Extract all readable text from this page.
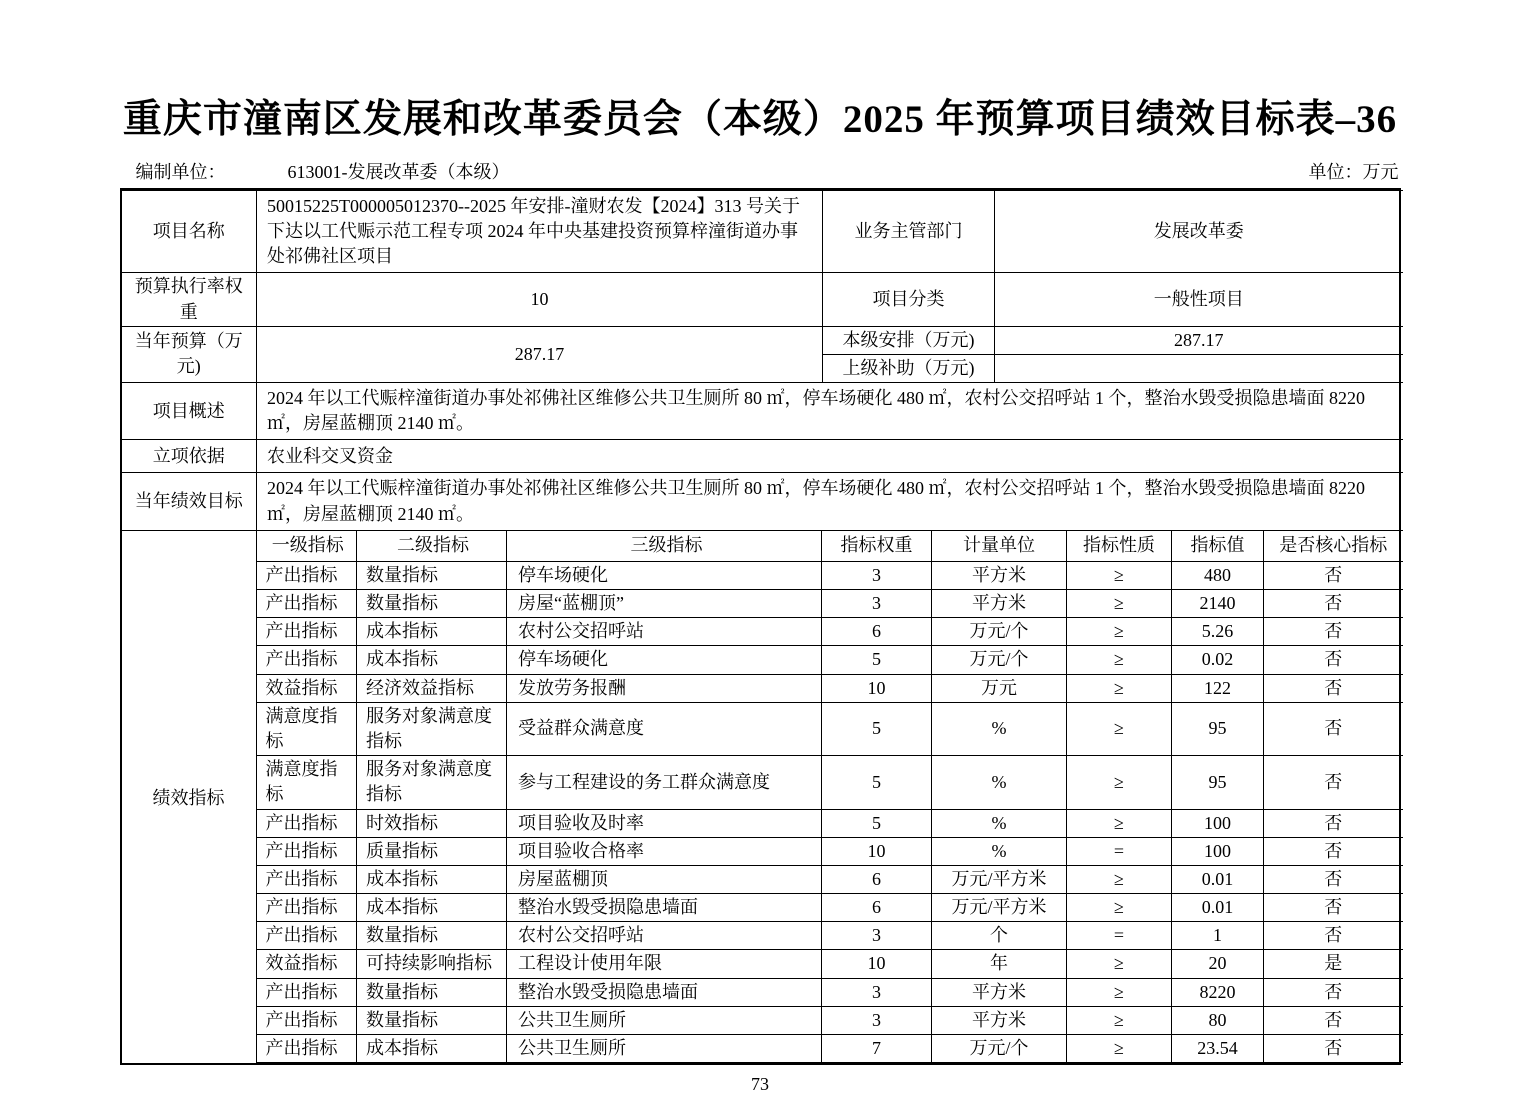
重庆市潼南区发展和改革委员会（本级）2025 年预算项目绩效目标表–36
编制单位：	613001-发展改革委（本级）	单位：万元
项目名称	50015225T000005012370--2025 年安排-潼财农发【2024】313 号关于下达以工代赈示范工程专项 2024 年中央基建投资预算梓潼街道办事处祁佛社区项目	业务主管部门	发展改革委
预算执行率权重	10	项目分类	一般性项目
当年预算（万元)	287.17	本级安排（万元)	287.17
		上级补助（万元)	
项目概述	2024 年以工代赈梓潼街道办事处祁佛社区维修公共卫生厕所 80 ㎡，停车场硬化 480 ㎡，农村公交招呼站 1 个，整治水毁受损隐患墙面 8220 ㎡，房屋蓝棚顶 2140 ㎡。		
立项依据	农业科交叉资金		
当年绩效目标	2024 年以工代赈梓潼街道办事处祁佛社区维修公共卫生厕所 80 ㎡，停车场硬化 480 ㎡，农村公交招呼站 1 个，整治水毁受损隐患墙面 8220 ㎡，房屋蓝棚顶 2140 ㎡。		
绩效指标
一级指标	二级指标	三级指标	指标权重	计量单位	指标性质	指标值	是否核心指标
产出指标	数量指标	停车场硬化	3	平方米	≥	480	否
产出指标	数量指标	房屋“蓝棚顶”	3	平方米	≥	2140	否
产出指标	成本指标	农村公交招呼站	6	万元/个	≥	5.26	否
产出指标	成本指标	停车场硬化	5	万元/个	≥	0.02	否
效益指标	经济效益指标	发放劳务报酬	10	万元	≥	122	否
满意度指标	服务对象满意度指标	受益群众满意度	5	%	≥	95	否
满意度指标	服务对象满意度指标	参与工程建设的务工群众满意度	5	%	≥	95	否
产出指标	时效指标	项目验收及时率	5	%	≥	100	否
产出指标	质量指标	项目验收合格率	10	%	=	100	否
产出指标	成本指标	房屋蓝棚顶	6	万元/平方米	≥	0.01	否
产出指标	成本指标	整治水毁受损隐患墙面	6	万元/平方米	≥	0.01	否
产出指标	数量指标	农村公交招呼站	3	个	=	1	否
效益指标	可持续影响指标	工程设计使用年限	10	年	≥	20	是
产出指标	数量指标	整治水毁受损隐患墙面	3	平方米	≥	8220	否
产出指标	数量指标	公共卫生厕所	3	平方米	≥	80	否
产出指标	成本指标	公共卫生厕所	7	万元/个	≥	23.54	否
73
